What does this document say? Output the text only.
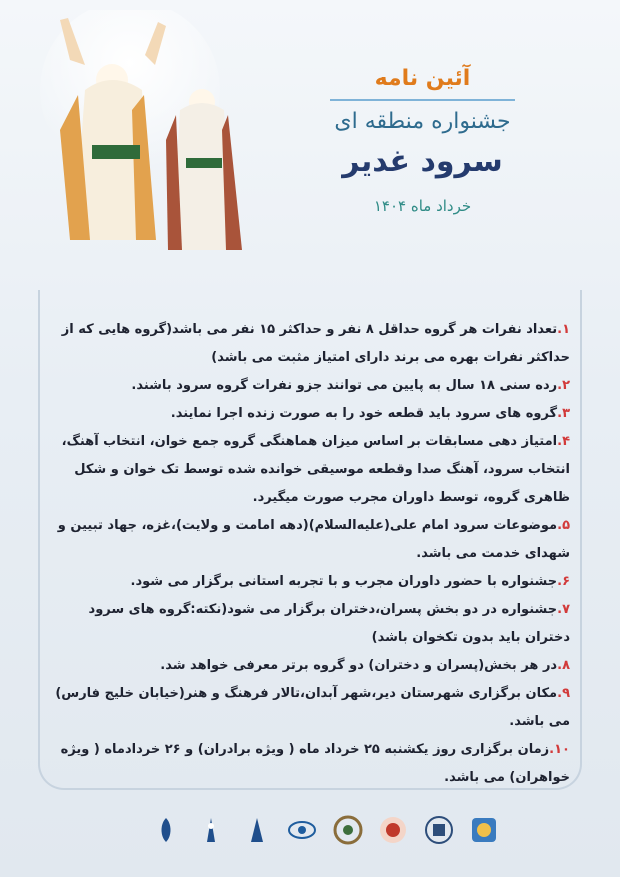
آئین نامه
جشنواره منطقه ای
سرود غدیر
خرداد ماه ۱۴۰۴

۱.تعداد نفرات هر گروه حداقل ۸ نفر و حداکثر ۱۵ نفر می باشد(گروه هایی که از حداکثر نفرات بهره می برند دارای امتیاز مثبت می باشد)

۲.رده سنی ۱۸ سال به پایین می توانند جزو نفرات گروه سرود باشند.

۳.گروه های سرود باید قطعه خود را به صورت زنده اجرا نمایند.

۴.امتیاز دهی مسابقات بر اساس میزان هماهنگی گروه جمع خوان، انتخاب آهنگ، انتخاب سرود، آهنگ صدا وقطعه موسیقی خوانده شده توسط تک خوان و شکل ظاهری گروه، توسط داوران مجرب صورت میگیرد.

۵.موضوعات سرود امام علی(علیه‌السلام)(دهه امامت و ولایت)،غزه، جهاد تبیین و شهدای خدمت می باشد.

۶.جشنواره با حضور داوران مجرب و با تجربه استانی برگزار می شود.

۷.جشنواره در دو بخش پسران،دختران برگزار می شود(نکته:گروه های سرود دختران باید بدون تکخوان باشد)

۸.در هر بخش(پسران و دختران) دو گروه برتر معرفی خواهد شد.

۹.مکان برگزاری شهرستان دیر،شهر آبدان،تالار فرهنگ و هنر(خیابان خلیج فارس) می باشد.

۱۰.زمان برگزاری روز یکشنبه ۲۵ خرداد ماه ( ویژه برادران) و ۲۶ خردادماه ( ویژه خواهران) می باشد.
